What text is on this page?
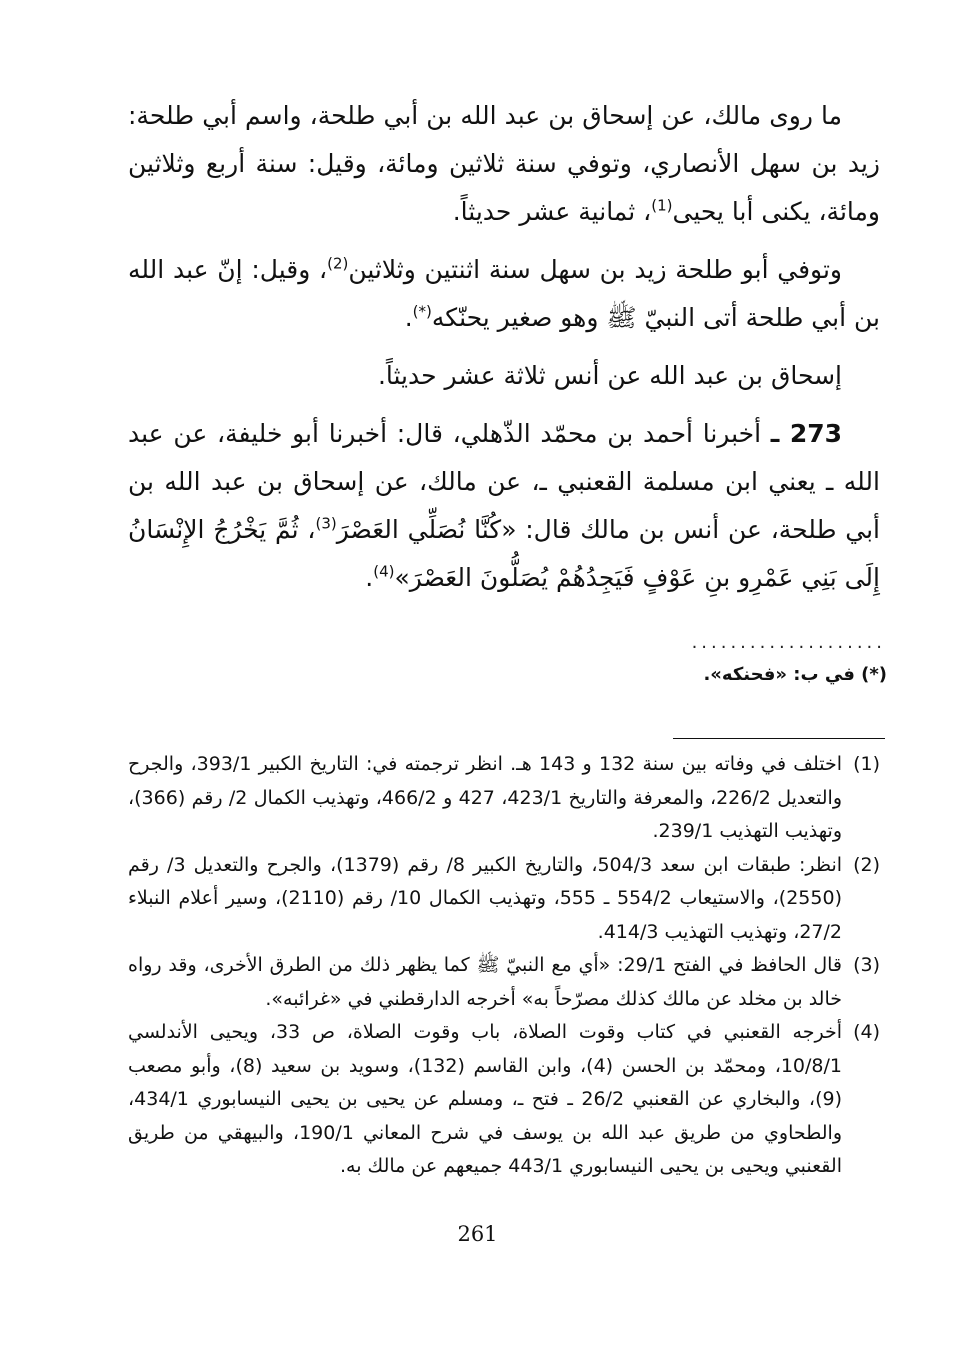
ما روى مالك، عن إسحاق بن عبد الله بن أبي طلحة، واسم أبي طلحة: زيد بن سهل الأنصاري، وتوفي سنة ثلاثين ومائة، وقيل: سنة أربع وثلاثين ومائة، يكنى أبا يحيى$^{(1)}$، ثمانية عشر حديثاً.

وتوفي أبو طلحة زيد بن سهل سنة اثنتين وثلاثين$^{(2)}$، وقيل: إنّ عبد الله بن أبي طلحة أتى النبيّ ﷺ وهو صغير يحنّكه(*).

إسحاق بن عبد الله عن أنس ثلاثة عشر حديثاً.

273 ـ أخبرنا أحمد بن محمّد الذّهلي، قال: أخبرنا أبو خليفة، عن عبد الله ـ يعني ابن مسلمة القعنبي ـ، عن مالك، عن إسحاق بن عبد الله بن أبي طلحة، عن أنس بن مالك قال: «كُنَّا نُصَلِّي العَصْرَ$^{(3)}$، ثُمَّ يَخْرُجُ الإِنْسَانُ إِلَى بَنِي عَمْرِو بنِ عَوْفٍ فَيَجِدُهُمْ يُصَلُّونَ العَصْرَ»$^{(4)}$.

....................
(*) في ب: «فحنكه».
(1)
اختلف في وفاته بين سنة 132 و 143 هـ. انظر ترجمته في: التاريخ الكبير 393/1، والجرح والتعديل 226/2، والمعرفة والتاريخ 423/1، 427 و 466/2، وتهذيب الكمال 2/ رقم (366)، وتهذيب التهذيب 239/1.
(2)
انظر: طبقات ابن سعد 504/3، والتاريخ الكبير 8/ رقم (1379)، والجرح والتعديل 3/ رقم (2550)، والاستيعاب 554/2 ـ 555، وتهذيب الكمال 10/ رقم (2110)، وسير أعلام النبلاء 27/2، وتهذيب التهذيب 414/3.
(3)
قال الحافظ في الفتح 29/1: «أي مع النبيّ ﷺ كما يظهر ذلك من الطرق الأخرى، وقد رواه خالد بن مخلد عن مالك كذلك مصرّحاً به» أخرجه الدارقطني في «غرائبه».
(4)
أخرجه القعنبي في كتاب وقوت الصلاة، باب وقوت الصلاة، ص 33، ويحيى الأندلسي 10/8/1، ومحمّد بن الحسن (4)، وابن القاسم (132)، وسويد بن سعيد (8)، وأبو مصعب (9)، والبخاري عن القعنبي 26/2 ـ فتح ـ، ومسلم عن يحيى بن يحيى النيسابوري 434/1، والطحاوي من طريق عبد الله بن يوسف في شرح المعاني 190/1، والبيهقي من طريق القعنبي ويحيى بن يحيى النيسابوري 443/1 جميعهم عن مالك به.
261
